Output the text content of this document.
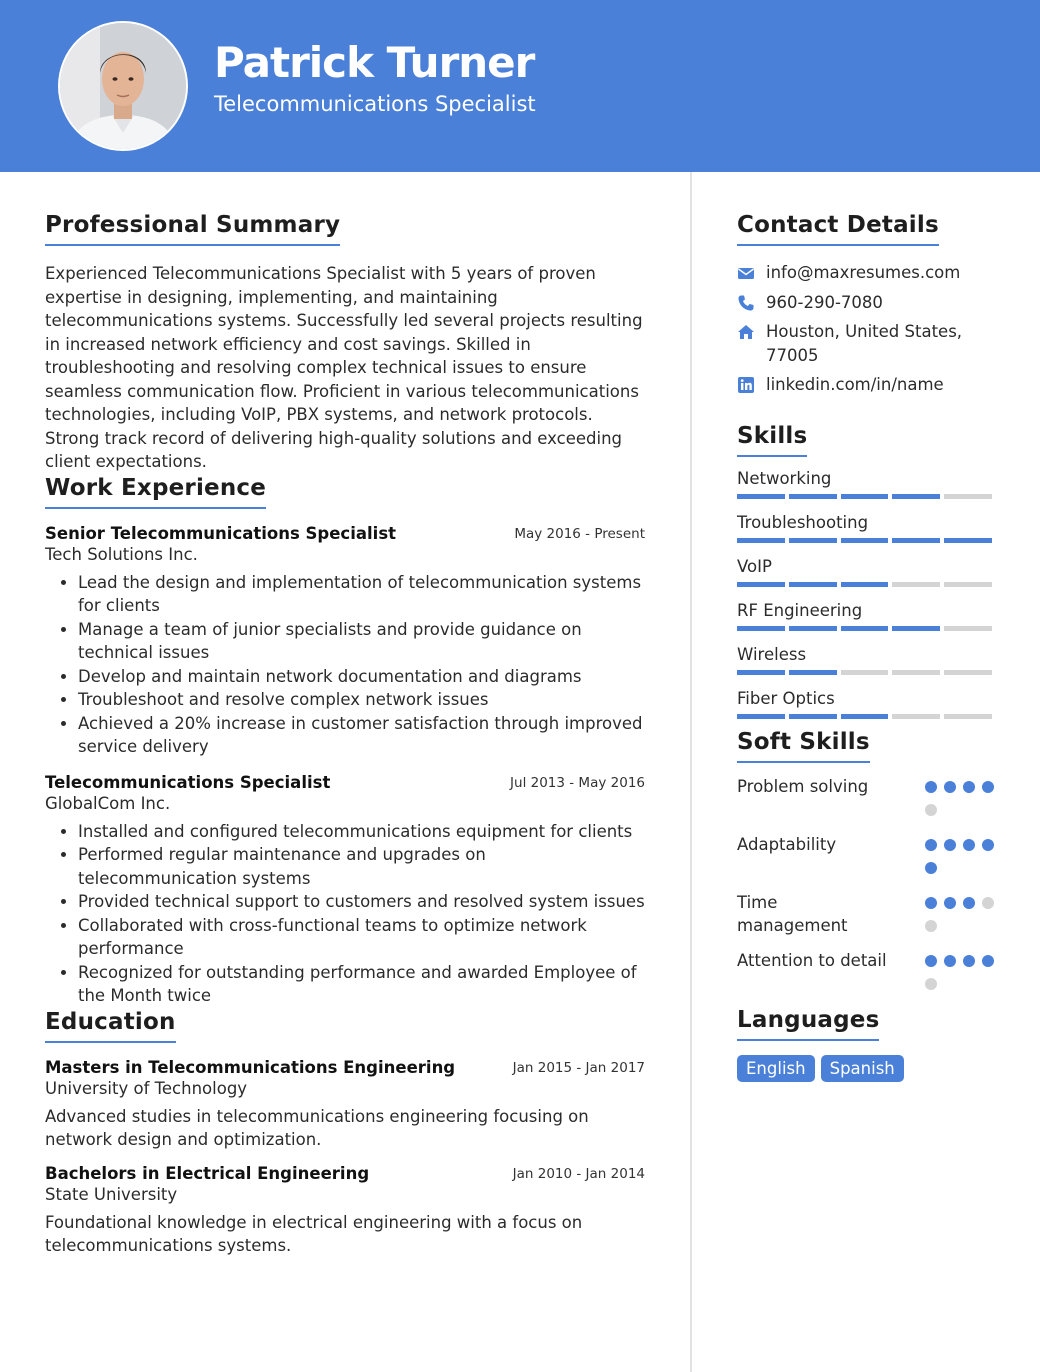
Patrick Turner
Telecommunications Specialist
Professional Summary

Experienced Telecommunications Specialist with 5 years of proven expertise in designing, implementing, and maintaining telecommunications systems. Successfully led several projects resulting in increased network efficiency and cost savings. Skilled in troubleshooting and resolving complex technical issues to ensure seamless communication flow. Proficient in various telecommunications technologies, including VoIP, PBX systems, and network protocols. Strong track record of delivering high-quality solutions and exceeding client expectations.

Work Experience
Senior Telecommunications Specialist	May 2016 - Present
Tech Solutions Inc.
• Lead the design and implementation of telecommunication systems for clients
• Manage a team of junior specialists and provide guidance on technical issues
• Develop and maintain network documentation and diagrams
• Troubleshoot and resolve complex network issues
• Achieved a 20% increase in customer satisfaction through improved service delivery
Telecommunications Specialist	Jul 2013 - May 2016
GlobalCom Inc.
• Installed and configured telecommunications equipment for clients
• Performed regular maintenance and upgrades on telecommunication systems
• Provided technical support to customers and resolved system issues
• Collaborated with cross-functional teams to optimize network performance
• Recognized for outstanding performance and awarded Employee of the Month twice
Education
Masters in Telecommunications Engineering	Jan 2015 - Jan 2017
University of Technology

Advanced studies in telecommunications engineering focusing on network design and optimization.

Bachelors in Electrical Engineering	Jan 2010 - Jan 2014
State University

Foundational knowledge in electrical engineering with a focus on telecommunications systems.

Contact Details
info@maxresumes.com
960-290-7080
Houston, United States, 77005
linkedin.com/in/name
Skills
Networking
Troubleshooting
VoIP
RF Engineering
Wireless
Fiber Optics
Soft Skills
Problem solving
Adaptability
Time management
Attention to detail
Languages
English	Spanish
